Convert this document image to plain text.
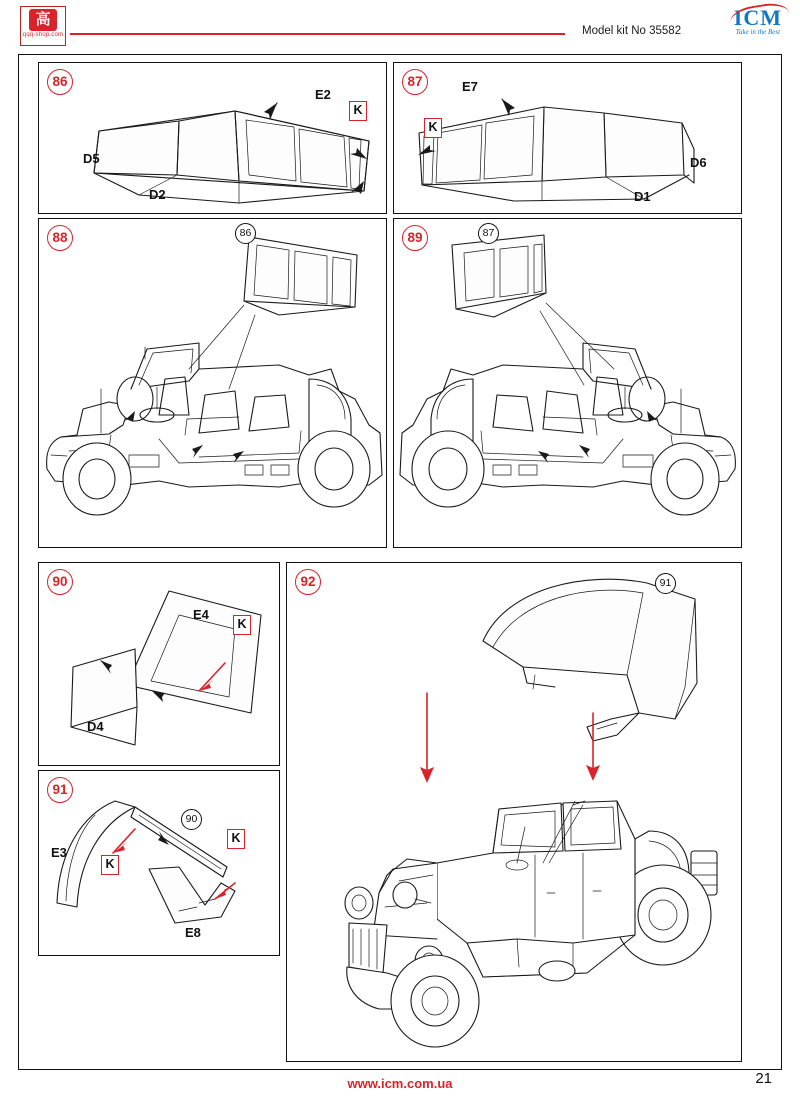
高
qqq-shop.com	Model kit No 35582
ICM
Take in the Best
86
E2
K
D5
D2
87	E7
K
D6
D1
88	86	89	87
90
E4
K
D4
91
90
E3
K
K
E8
92	91
www.icm.com.ua	21
